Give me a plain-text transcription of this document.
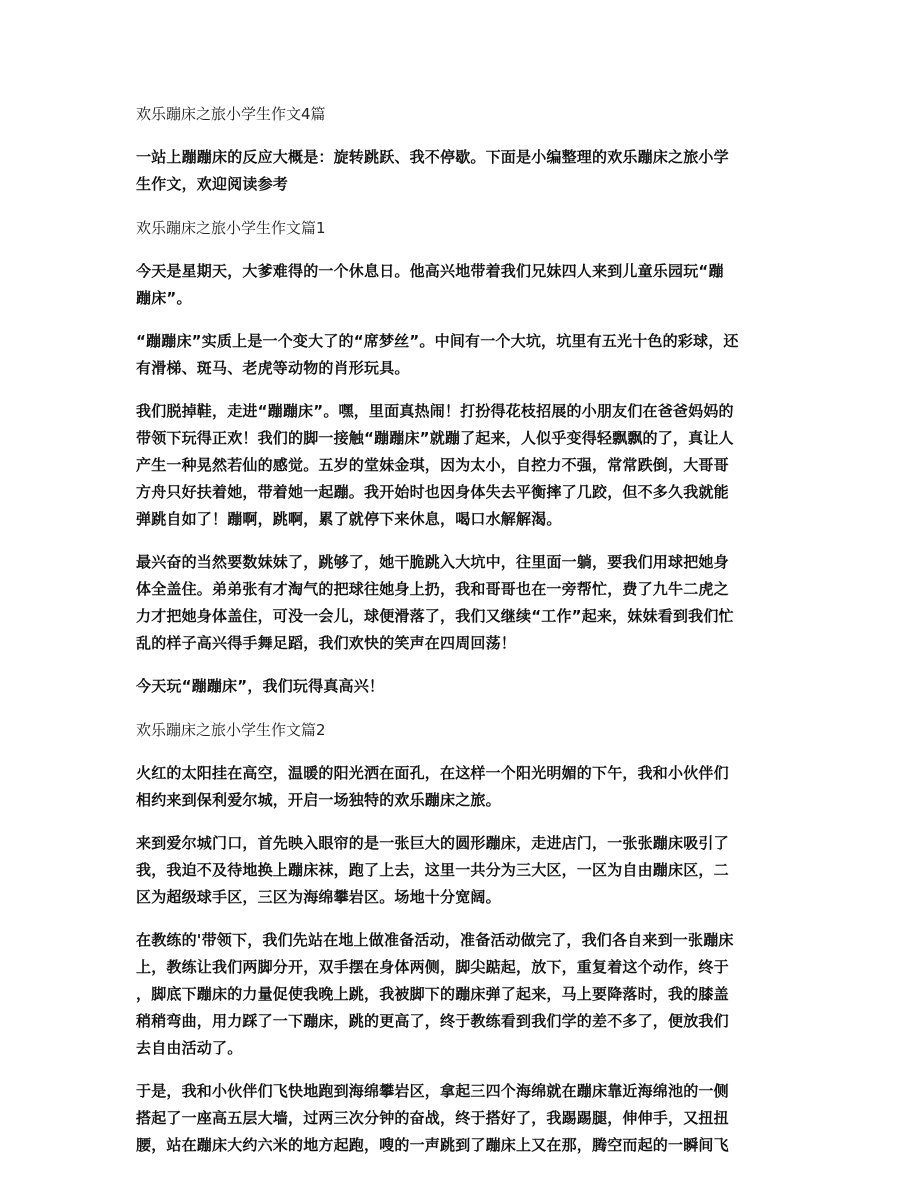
欢乐蹦床之旅小学生作文4篇
一站上蹦蹦床的反应大概是：旋转跳跃、我不停歇。下面是小编整理的欢乐蹦床之旅小学
生作文，欢迎阅读参考
欢乐蹦床之旅小学生作文篇1
今天是星期天，大爹难得的一个休息日。他高兴地带着我们兄妹四人来到儿童乐园玩“蹦
蹦床”。
“蹦蹦床”实质上是一个变大了的“席梦丝”。中间有一个大坑，坑里有五光十色的彩球，还
有滑梯、斑马、老虎等动物的肖形玩具。
我们脱掉鞋，走进“蹦蹦床”。嘿，里面真热闹！打扮得花枝招展的小朋友们在爸爸妈妈的
带领下玩得正欢！我们的脚一接触“蹦蹦床”就蹦了起来，人似乎变得轻飘飘的了，真让人
产生一种晃然若仙的感觉。五岁的堂妹金琪，因为太小，自控力不强，常常跌倒，大哥哥
方舟只好扶着她，带着她一起蹦。我开始时也因身体失去平衡摔了几跤，但不多久我就能
弹跳自如了！蹦啊，跳啊，累了就停下来休息，喝口水解解渴。
最兴奋的当然要数妹妹了，跳够了，她干脆跳入大坑中，往里面一躺，要我们用球把她身
体全盖住。弟弟张有才淘气的把球往她身上扔，我和哥哥也在一旁帮忙，费了九牛二虎之
力才把她身体盖住，可没一会儿，球便滑落了，我们又继续“工作”起来，妹妹看到我们忙
乱的样子高兴得手舞足蹈，我们欢快的笑声在四周回荡！
今天玩“蹦蹦床”，我们玩得真高兴！
欢乐蹦床之旅小学生作文篇2
火红的太阳挂在高空，温暖的阳光洒在面孔，在这样一个阳光明媚的下午，我和小伙伴们
相约来到保利爱尔城，开启一场独特的欢乐蹦床之旅。
来到爱尔城门口，首先映入眼帘的是一张巨大的圆形蹦床，走进店门，一张张蹦床吸引了
我，我迫不及待地换上蹦床袜，跑了上去，这里一共分为三大区，一区为自由蹦床区，二
区为超级球手区，三区为海绵攀岩区。场地十分宽阔。
在教练的'带领下，我们先站在地上做准备活动，准备活动做完了，我们各自来到一张蹦床
上，教练让我们两脚分开，双手摆在身体两侧，脚尖踮起，放下，重复着这个动作，终于
，脚底下蹦床的力量促使我晚上跳，我被脚下的蹦床弹了起来，马上要降落时，我的膝盖
稍稍弯曲，用力踩了一下蹦床，跳的更高了，终于教练看到我们学的差不多了，便放我们
去自由活动了。
于是，我和小伙伴们飞快地跑到海绵攀岩区，拿起三四个海绵就在蹦床靠近海绵池的一侧
搭起了一座高五层大墙，过两三次分钟的奋战，终于搭好了，我踢踢腿，伸伸手，又扭扭
腰，站在蹦床大约六米的地方起跑，嗖的一声跳到了蹦床上又在那，腾空而起的一瞬间飞
